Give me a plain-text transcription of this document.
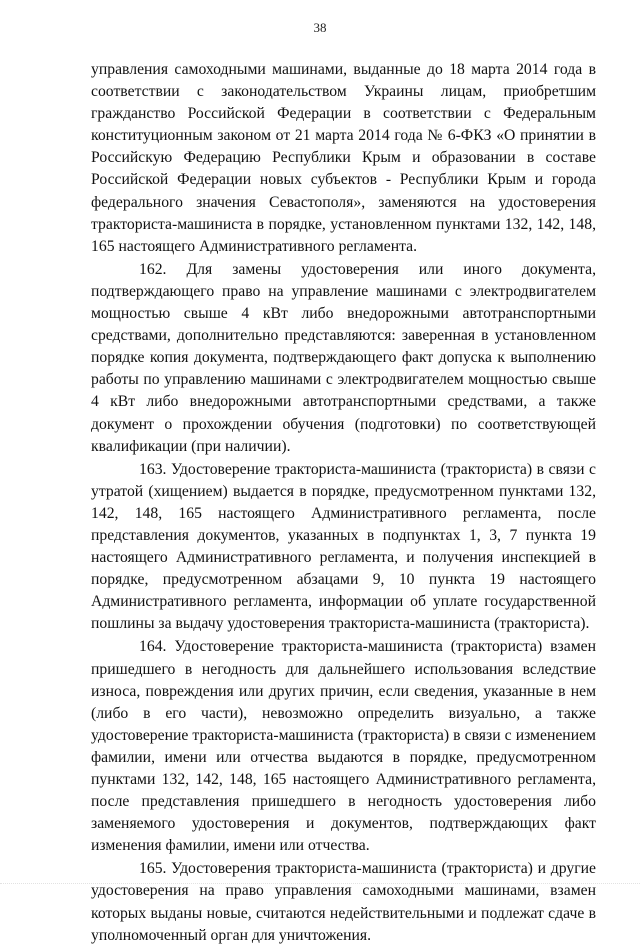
38

управления самоходными машинами, выданные до 18 марта 2014 года в соответствии с законодательством Украины лицам, приобретшим гражданство Российской Федерации в соответствии с Федеральным конституционным законом от 21 марта 2014 года № 6-ФКЗ «О принятии в Российскую Федерацию Республики Крым и образовании в составе Российской Федерации новых субъектов - Республики Крым и города федерального значения Севастополя», заменяются на удостоверения тракториста-машиниста в порядке, установленном пунктами 132, 142, 148, 165 настоящего Административного регламента.

162. Для замены удостоверения или иного документа, подтверждающего право на управление машинами с электродвигателем мощностью свыше 4 кВт либо внедорожными автотранспортными средствами, дополнительно представляются: заверенная в установленном порядке копия документа, подтверждающего факт допуска к выполнению работы по управлению машинами с электродвигателем мощностью свыше 4 кВт либо внедорожными автотранспортными средствами, а также документ о прохождении обучения (подготовки) по соответствующей квалификации (при наличии).

163. Удостоверение тракториста-машиниста (тракториста) в связи с утратой (хищением) выдается в порядке, предусмотренном пунктами 132, 142, 148, 165 настоящего Административного регламента, после представления документов, указанных в подпунктах 1, 3, 7 пункта 19 настоящего Административного регламента, и получения инспекцией в порядке, предусмотренном абзацами 9, 10 пункта 19 настоящего Административного регламента, информации об уплате государственной пошлины за выдачу удостоверения тракториста-машиниста (тракториста).

164. Удостоверение тракториста-машиниста (тракториста) взамен пришедшего в негодность для дальнейшего использования вследствие износа, повреждения или других причин, если сведения, указанные в нем (либо в его части), невозможно определить визуально, а также удостоверение тракториста-машиниста (тракториста) в связи с изменением фамилии, имени или отчества выдаются в порядке, предусмотренном пунктами 132, 142, 148, 165 настоящего Административного регламента, после представления пришедшего в негодность удостоверения либо заменяемого удостоверения и документов, подтверждающих факт изменения фамилии, имени или отчества.

165. Удостоверения тракториста-машиниста (тракториста) и другие удостоверения на право управления самоходными машинами, взамен которых выданы новые, считаются недействительными и подлежат сдаче в уполномоченный орган для уничтожения.
